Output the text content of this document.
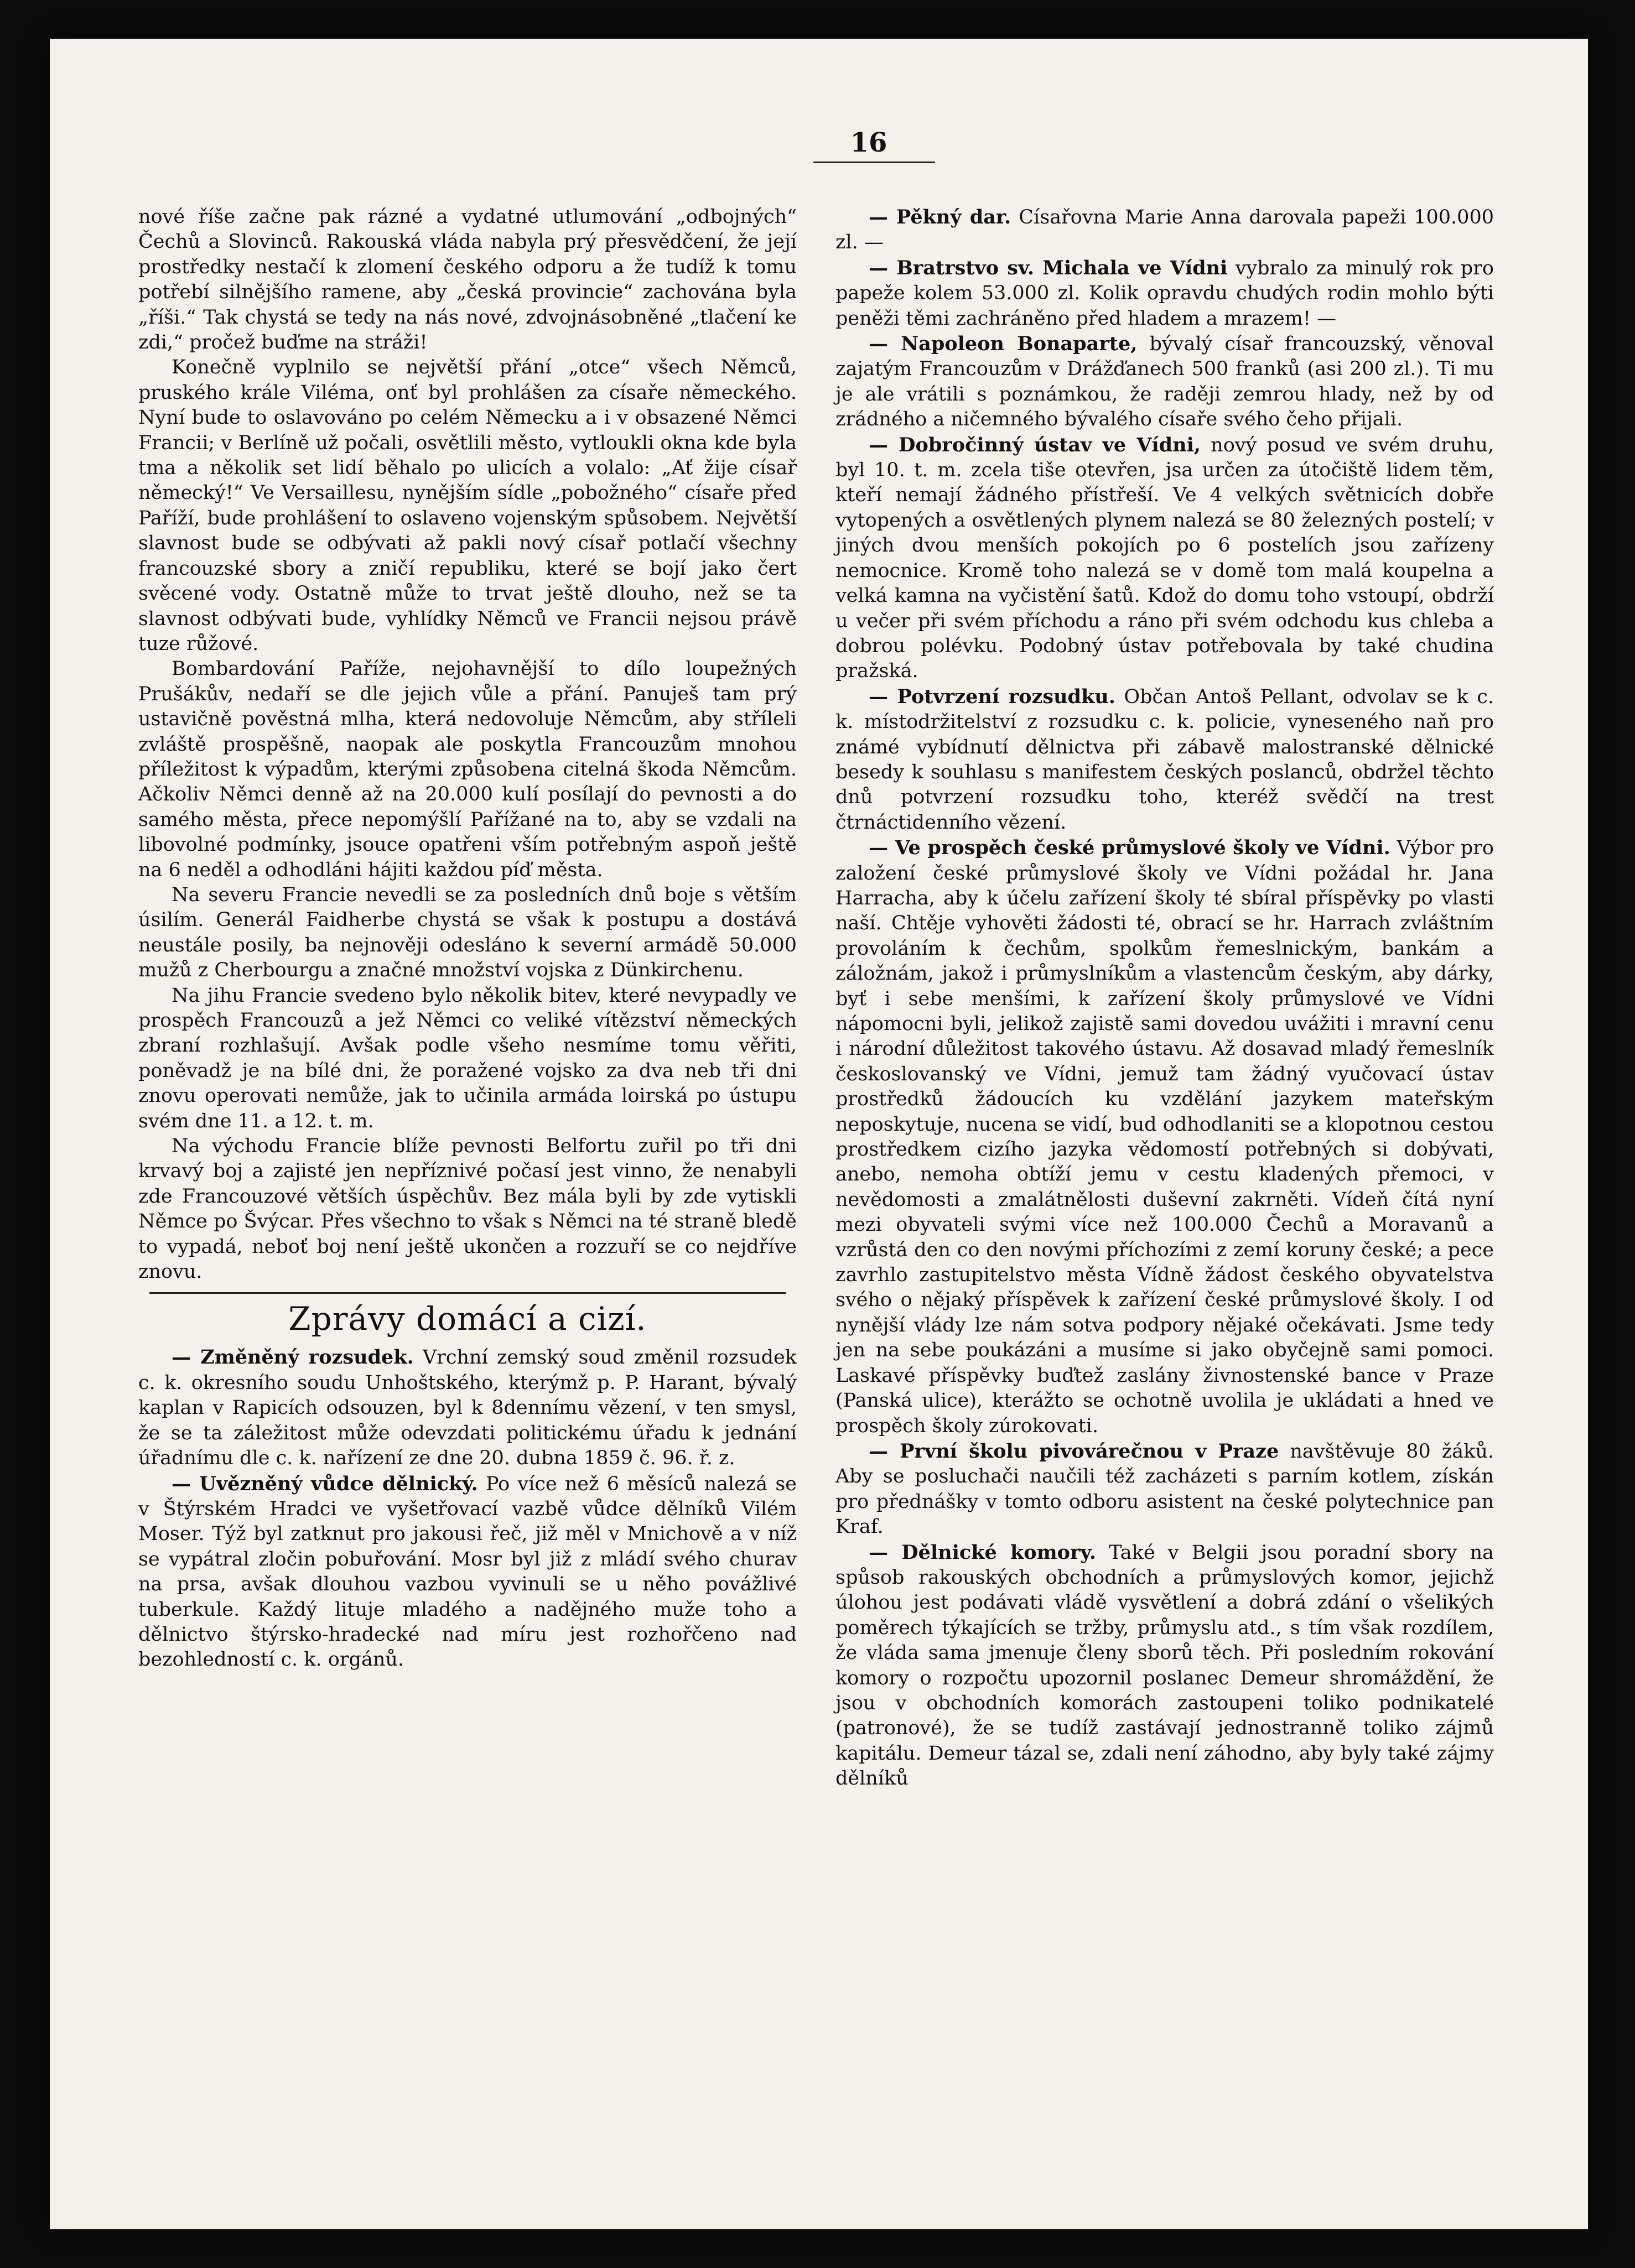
16

nové říše začne pak rázné a vydatné utlumování „odbojných“ Čechů a Slovinců. Rakouská vláda nabyla prý přesvědčení, že její prostředky nestačí k zlomení českého odporu a že tudíž k tomu potřebí silnějšího ramene, aby „česká provincie“ zachována byla „říši.“ Tak chystá se tedy na nás nové, zdvojnásobněné „tlačení ke zdi,“ pročež buďme na stráži!

Konečně vyplnilo se největší přání „otce“ všech Němců, pruského krále Viléma, onť byl prohlášen za císaře německého. Nyní bude to oslavováno po celém Německu a i v obsazené Němci Francii; v Berlíně už počali, osvětlili město, vytloukli okna kde byla tma a několik set lidí běhalo po ulicích a volalo: „Ať žije císař německý!“ Ve Versaillesu, nynějším sídle „pobožného“ císaře před Paříží, bude prohlášení to oslaveno vojenským spůsobem. Největší slavnost bude se odbývati až pakli nový císař potlačí všechny francouzské sbory a zničí republiku, které se bojí jako čert svěcené vody. Ostatně může to trvat ještě dlouho, než se ta slavnost odbývati bude, vyhlídky Němců ve Francii nejsou právě tuze růžové.

Bombardování Paříže, nejohavnější to dílo loupežných Prušákův, nedaří se dle jejich vůle a přání. Panuješ tam prý ustavičně pověstná mlha, která nedovoluje Němcům, aby stříleli zvláště prospěšně, naopak ale poskytla Francouzům mnohou příležitost k výpadům, kterými způsobena citelná škoda Němcům. Ačkoliv Němci denně až na 20.000 kulí posílají do pevnosti a do samého města, přece nepomýšlí Pařížané na to, aby se vzdali na libovolné podmínky, jsouce opatřeni vším potřebným aspoň ještě na 6 neděl a odhodláni hájiti každou píď města.

Na severu Francie nevedli se za posledních dnů boje s větším úsilím. Generál Faidherbe chystá se však k postupu a dostává neustále posily, ba nejnověji odesláno k severní armádě 50.000 mužů z Cherbourgu a značné množství vojska z Dünkirchenu.

Na jihu Francie svedeno bylo několik bitev, které nevypadly ve prospěch Francouzů a jež Němci co veliké vítězství německých zbraní rozhlašují. Avšak podle všeho nesmíme tomu věřiti, poněvadž je na bílé dni, že poražené vojsko za dva neb tři dni znovu operovati nemůže, jak to učinila armáda loirská po ústupu svém dne 11. a 12. t. m.

Na východu Francie blíže pevnosti Belfortu zuřil po tři dni krvavý boj a zajisté jen nepříznivé počasí jest vinno, že nenabyli zde Francouzové větších úspěchův. Bez mála byli by zde vytiskli Němce po Švýcar. Přes všechno to však s Němci na té straně bledě to vypadá, neboť boj není ještě ukončen a rozzuří se co nejdříve znovu.

Zprávy domácí a cizí.

— Změněný rozsudek. Vrchní zemský soud změnil rozsudek c. k. okresního soudu Unhoštského, kterýmž p. P. Harant, bývalý kaplan v Rapicích odsouzen, byl k 8dennímu vězení, v ten smysl, že se ta záležitost může odevzdati politickému úřadu k jednání úřadnímu dle c. k. nařízení ze dne 20. dubna 1859 č. 96. ř. z.

— Uvězněný vůdce dělnický. Po více než 6 měsíců nalezá se v Štýrském Hradci ve vyšetřovací vazbě vůdce dělníků Vilém Moser. Týž byl zatknut pro jakousi řeč, již měl v Mnichově a v níž se vypátral zločin pobuřování. Mosr byl již z mládí svého churav na prsa, avšak dlouhou vazbou vyvinuli se u něho povážlivé tuberkule. Každý lituje mladého a nadějného muže toho a dělnictvo štýrsko-hradecké nad míru jest rozhořčeno nad bezohledností c. k. orgánů.

— Pěkný dar. Císařovna Marie Anna darovala papeži 100.000 zl. —

— Bratrstvo sv. Michala ve Vídni vybralo za minulý rok pro papeže kolem 53.000 zl. Kolik opravdu chudých rodin mohlo býti peněži těmi zachráněno před hladem a mrazem! —

— Napoleon Bonaparte, bývalý císař francouzský, věnoval zajatým Francouzům v Drážďanech 500 franků (asi 200 zl.). Ti mu je ale vrátili s poznámkou, že raději zemrou hlady, než by od zrádného a ničemného bývalého císaře svého čeho přijali.

— Dobročinný ústav ve Vídni, nový posud ve svém druhu, byl 10. t. m. zcela tiše otevřen, jsa určen za útočiště lidem těm, kteří nemají žádného přístřeší. Ve 4 velkých světnicích dobře vytopených a osvětlených plynem nalezá se 80 železných postelí; v jiných dvou menších pokojích po 6 postelích jsou zařízeny nemocnice. Kromě toho nalezá se v domě tom malá koupelna a velká kamna na vyčistění šatů. Kdož do domu toho vstoupí, obdrží u večer při svém příchodu a ráno při svém odchodu kus chleba a dobrou polévku. Podobný ústav potřebovala by také chudina pražská.

— Potvrzení rozsudku. Občan Antoš Pellant, odvolav se k c. k. místodržitelství z rozsudku c. k. policie, vyneseného naň pro známé vybídnutí dělnictva při zábavě malostranské dělnické besedy k souhlasu s manifestem českých poslanců, obdržel těchto dnů potvrzení rozsudku toho, kteréž svědčí na trest čtrnáctidenního vězení.

— Ve prospěch české průmyslové školy ve Vídni. Výbor pro založení české průmyslové školy ve Vídni požádal hr. Jana Harracha, aby k účelu zařízení školy té sbíral příspěvky po vlasti naší. Chtěje vyhověti žádosti té, obrací se hr. Harrach zvláštním provoláním k čechům, spolkům řemeslnickým, bankám a záložnám, jakož i průmyslníkům a vlastencům českým, aby dárky, byť i sebe menšími, k zařízení školy průmyslové ve Vídni nápomocni byli, jelikož zajistě sami dovedou uvážiti i mravní cenu i národní důležitost takového ústavu. Až dosavad mladý řemeslník českoslovanský ve Vídni, jemuž tam žádný vyučovací ústav prostředků žádoucích ku vzdělání jazykem mateřským neposkytuje, nucena se vidí, bud odhodlaniti se a klopotnou cestou prostředkem cizího jazyka vědomostí potřebných si dobývati, anebo, nemoha obtíží jemu v cestu kladených přemoci, v nevědomosti a zmalátnělosti duševní zakrněti. Vídeň čítá nyní mezi obyvateli svými více než 100.000 Čechů a Moravanů a vzrůstá den co den novými příchozími z zemí koruny české; a pece zavrhlo zastupitelstvo města Vídně žádost českého obyvatelstva svého o nějaký příspěvek k zařízení české průmyslové školy. I od nynější vlády lze nám sotva podpory nějaké očekávati. Jsme tedy jen na sebe poukázáni a musíme si jako obyčejně sami pomoci. Laskavé příspěvky buďtež zaslány živnostenské bance v Praze (Panská ulice), kterážto se ochotně uvolila je ukládati a hned ve prospěch školy zúrokovati.

— První školu pivovárečnou v Praze navštěvuje 80 žáků. Aby se posluchači naučili též zacházeti s parním kotlem, získán pro přednášky v tomto odboru asistent na české polytechnice pan Kraf.

— Dělnické komory. Také v Belgii jsou poradní sbory na spůsob rakouských obchodních a průmyslových komor, jejichž úlohou jest podávati vládě vysvětlení a dobrá zdání o všelikých poměrech týkajících se tržby, průmyslu atd., s tím však rozdílem, že vláda sama jmenuje členy sborů těch. Při posledním rokování komory o rozpočtu upozornil poslanec Demeur shromáždění, že jsou v obchodních komorách zastoupeni toliko podnikatelé (patronové), že se tudíž zastávají jednostranně toliko zájmů kapitálu. Demeur tázal se, zdali není záhodno, aby byly také zájmy dělníků
